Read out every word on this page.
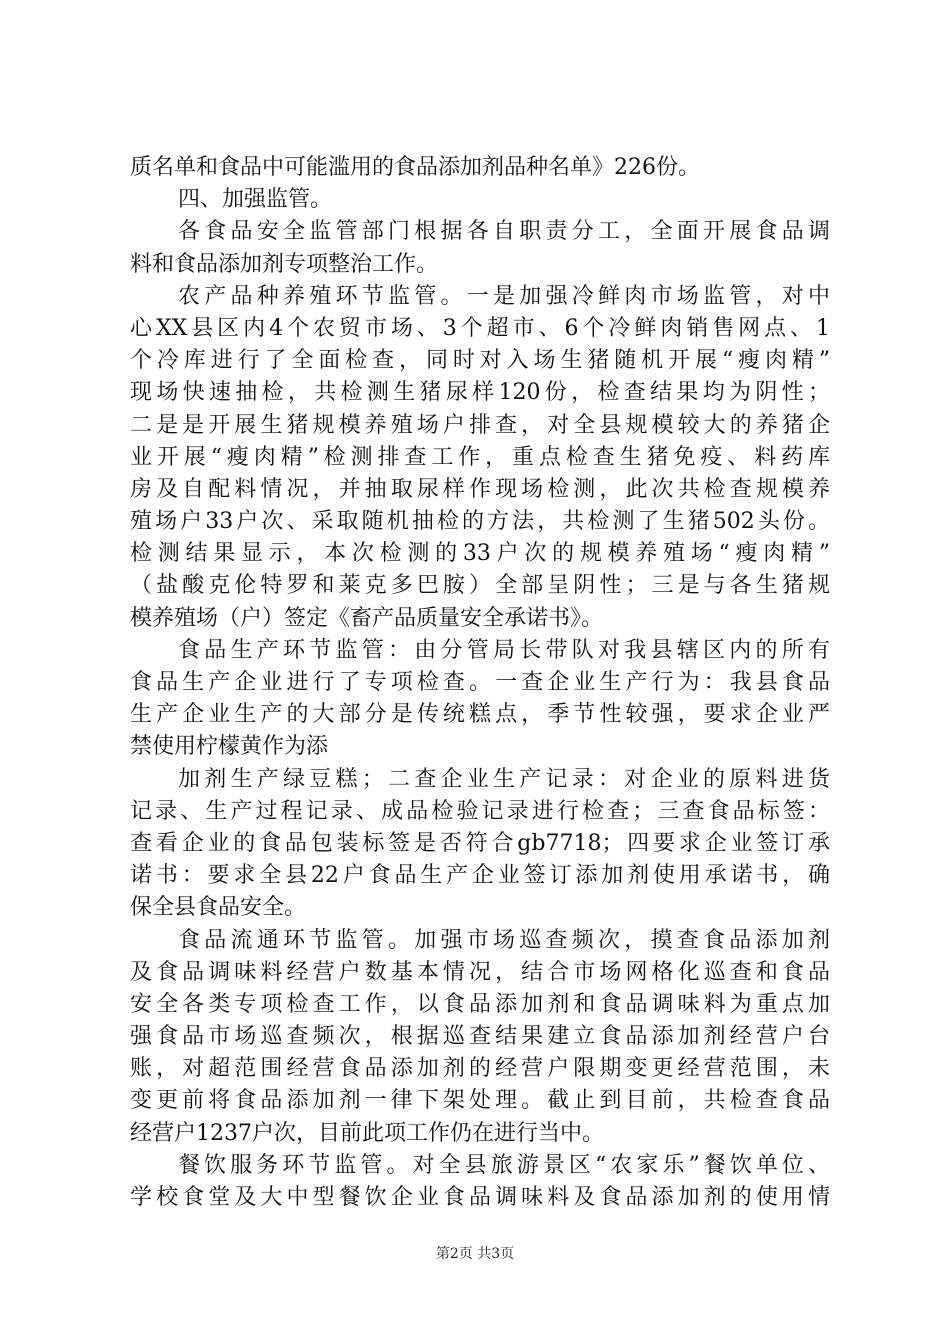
质名单和食品中可能滥用的食品添加剂品种名单》226份。
四、加强监管。
各食品安全监管部门根据各自职责分工，全面开展食品调
料和食品添加剂专项整治工作。
农产品种养殖环节监管。一是加强冷鲜肉市场监管，对中
心XX县区内4个农贸市场、3个超市、6个冷鲜肉销售网点、1
个冷库进行了全面检查，同时对入场生猪随机开展“瘦肉精”
现场快速抽检，共检测生猪尿样120份，检查结果均为阴性；
二是是开展生猪规模养殖场户排查，对全县规模较大的养猪企
业开展“瘦肉精”检测排查工作，重点检查生猪免疫、料药库
房及自配料情况，并抽取尿样作现场检测，此次共检查规模养
殖场户33户次、采取随机抽检的方法，共检测了生猪502头份。
检测结果显示，本次检测的33户次的规模养殖场“瘦肉精”
（盐酸克伦特罗和莱克多巴胺）全部呈阴性；三是与各生猪规
模养殖场（户）签定《畜产品质量安全承诺书》。
食品生产环节监管：由分管局长带队对我县辖区内的所有
食品生产企业进行了专项检查。一查企业生产行为：我县食品
生产企业生产的大部分是传统糕点，季节性较强，要求企业严
禁使用柠檬黄作为添
加剂生产绿豆糕；二查企业生产记录：对企业的原料进货
记录、生产过程记录、成品检验记录进行检查；三查食品标签：
查看企业的食品包装标签是否符合gb7718；四要求企业签订承
诺书：要求全县22户食品生产企业签订添加剂使用承诺书，确
保全县食品安全。
食品流通环节监管。加强市场巡查频次，摸查食品添加剂
及食品调味料经营户数基本情况，结合市场网格化巡查和食品
安全各类专项检查工作，以食品添加剂和食品调味料为重点加
强食品市场巡查频次，根据巡查结果建立食品添加剂经营户台
账，对超范围经营食品添加剂的经营户限期变更经营范围，未
变更前将食品添加剂一律下架处理。截止到目前，共检查食品
经营户1237户次，目前此项工作仍在进行当中。
餐饮服务环节监管。对全县旅游景区“农家乐”餐饮单位、
学校食堂及大中型餐饮企业食品调味料及食品添加剂的使用情
第2页 共3页
